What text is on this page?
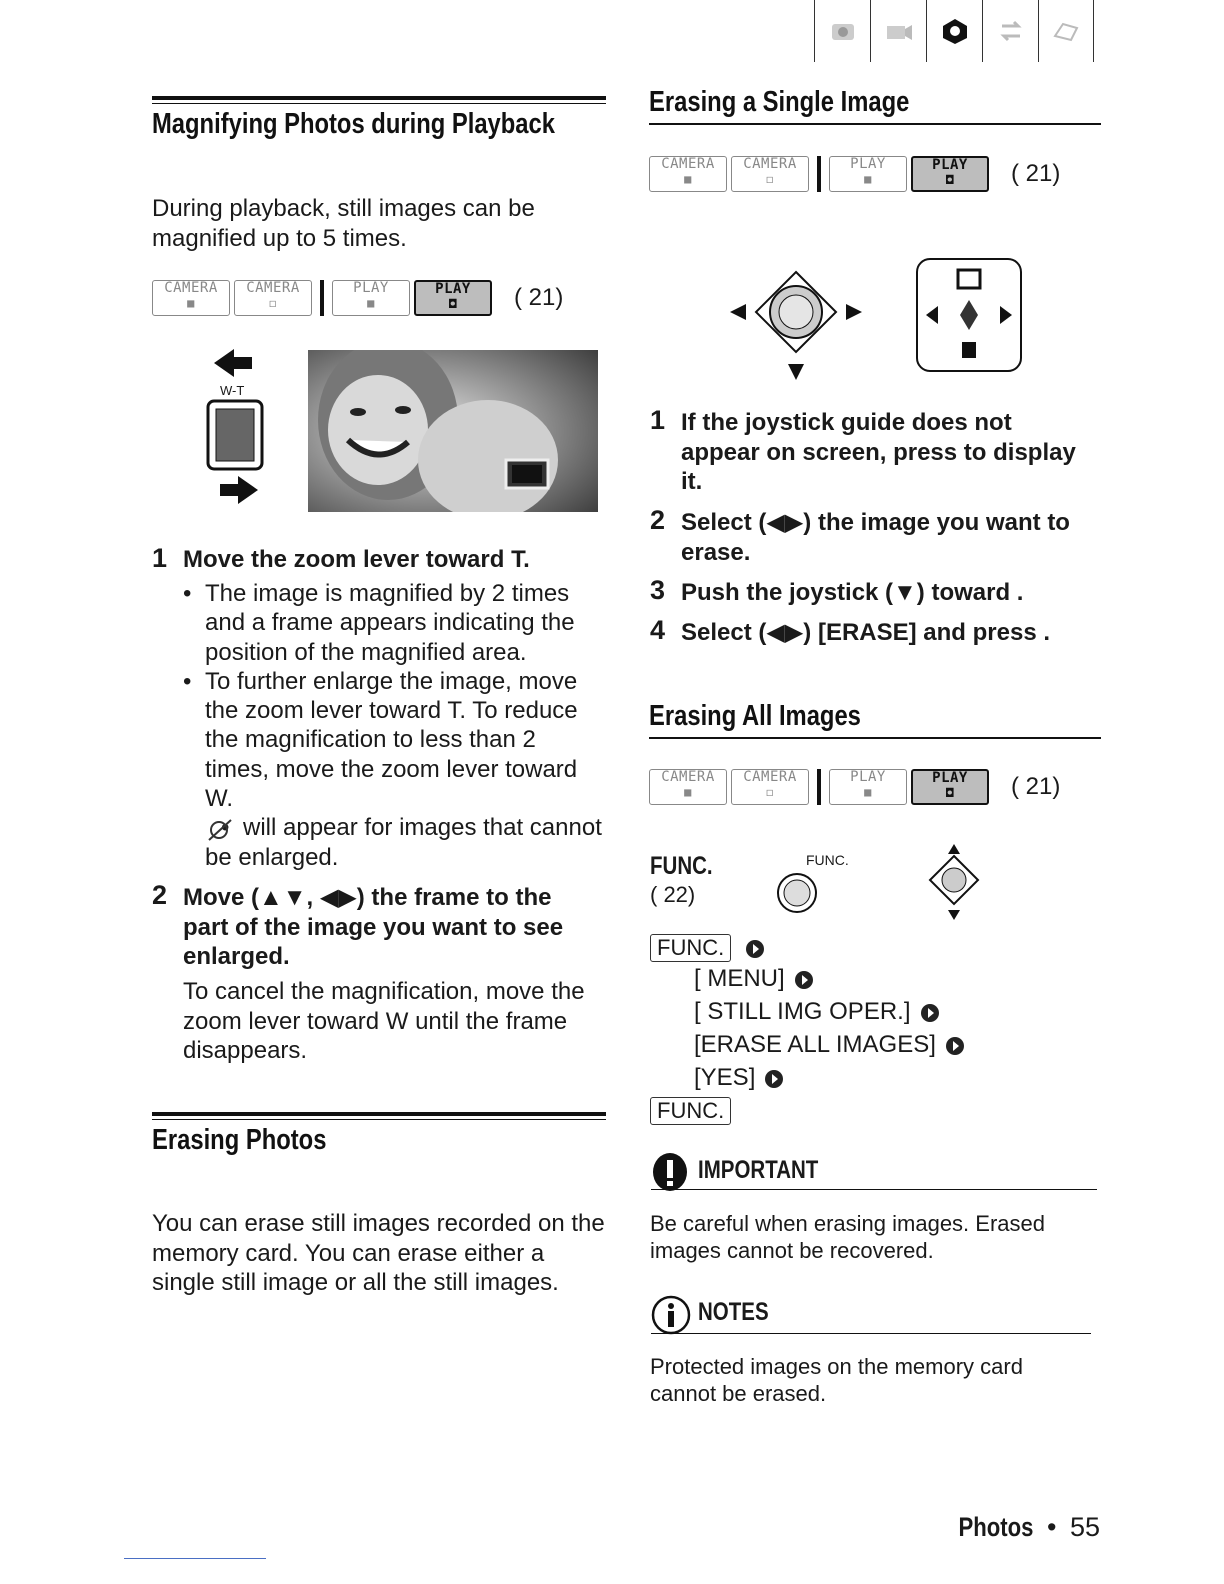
Magnifying Photos during Playback
During playback, still images can be magnified up to 5 times.
CAMERA
■
CAMERA
◻
PLAY
■
PLAY
◘ ( 21)
W-T
1 Move the zoom lever toward T.
• The image is magnified by 2 times and a frame appears indicating the position of the magnified area.
• To further enlarge the image, move the zoom lever toward T. To reduce the magnification to less than 2 times, move the zoom lever toward W.
• will appear for images that cannot be enlarged.
2 Move (▲▼, ◀▶) the frame to the part of the image you want to see enlarged.
To cancel the magnification, move the zoom lever toward W until the frame disappears.
Erasing Photos
You can erase still images recorded on the memory card. You can erase either a single still image or all the still images.
Erasing a Single Image
CAMERA
■
CAMERA
◻
PLAY
■
PLAY
◘ ( 21)
1 If the joystick guide does not appear on screen, press to display it.
2 Select (◀▶) the image you want to erase.
3 Push the joystick (▼) toward .
4 Select (◀▶) [ERASE] and press .
Erasing All Images
CAMERA
■
CAMERA
◻
PLAY
■
PLAY
◘ ( 21)
FUNC.
( 22)
FUNC.
FUNC.
[ MENU]
[ STILL IMG OPER.]
[ERASE ALL IMAGES]
[YES]
FUNC.
IMPORTANT
Be careful when erasing images. Erased images cannot be recovered.
NOTES
Protected images on the memory card cannot be erased.
Photos • 55
